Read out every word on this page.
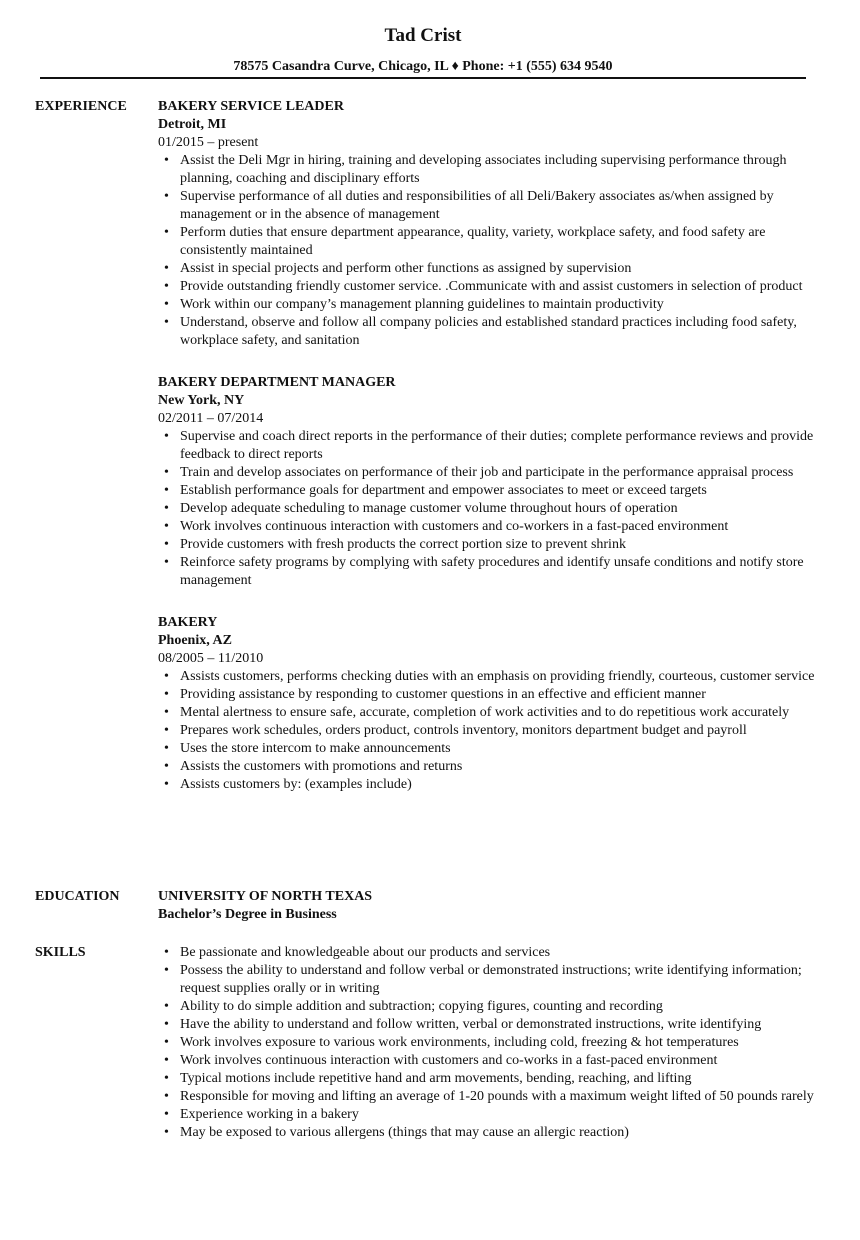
Tad Crist
78575 Casandra Curve, Chicago, IL ♦ Phone: +1 (555) 634 9540
EXPERIENCE BAKERY SERVICE LEADER
Detroit, MI
01/2015 – present
• Assist the Deli Mgr in hiring, training and developing associates including supervising performance through planning, coaching and disciplinary efforts
• Supervise performance of all duties and responsibilities of all Deli/Bakery associates as/when assigned by management or in the absence of management
• Perform duties that ensure department appearance, quality, variety, workplace safety, and food safety are consistently maintained
• Assist in special projects and perform other functions as assigned by supervision
• Provide outstanding friendly customer service. .Communicate with and assist customers in selection of product
• Work within our company’s management planning guidelines to maintain productivity
• Understand, observe and follow all company policies and established standard practices including food safety, workplace safety, and sanitation
BAKERY DEPARTMENT MANAGER
New York, NY
02/2011 – 07/2014
• Supervise and coach direct reports in the performance of their duties; complete performance reviews and provide feedback to direct reports
• Train and develop associates on performance of their job and participate in the performance appraisal process
• Establish performance goals for department and empower associates to meet or exceed targets
• Develop adequate scheduling to manage customer volume throughout hours of operation
• Work involves continuous interaction with customers and co-workers in a fast-paced environment
• Provide customers with fresh products the correct portion size to prevent shrink
• Reinforce safety programs by complying with safety procedures and identify unsafe conditions and notify store management
BAKERY
Phoenix, AZ
08/2005 – 11/2010
• Assists customers, performs checking duties with an emphasis on providing friendly, courteous, customer service
• Providing assistance by responding to customer questions in an effective and efficient manner
• Mental alertness to ensure safe, accurate, completion of work activities and to do repetitious work accurately
• Prepares work schedules, orders product, controls inventory, monitors department budget and payroll
• Uses the store intercom to make announcements
• Assists the customers with promotions and returns
• Assists customers by: (examples include)
EDUCATION	UNIVERSITY OF NORTH TEXAS
Bachelor’s Degree in Business
SKILLS
•	Be passionate and knowledgeable about our products and services
• Possess the ability to understand and follow verbal or demonstrated instructions; write identifying information; request supplies orally or in writing
• Ability to do simple addition and subtraction; copying figures, counting and recording
• Have the ability to understand and follow written, verbal or demonstrated instructions, write identifying
• Work involves exposure to various work environments, including cold, freezing & hot temperatures
• Work involves continuous interaction with customers and co-works in a fast-paced environment
• Typical motions include repetitive hand and arm movements, bending, reaching, and lifting
• Responsible for moving and lifting an average of 1-20 pounds with a maximum weight lifted of 50 pounds rarely
• Experience working in a bakery
• May be exposed to various allergens (things that may cause an allergic reaction)
